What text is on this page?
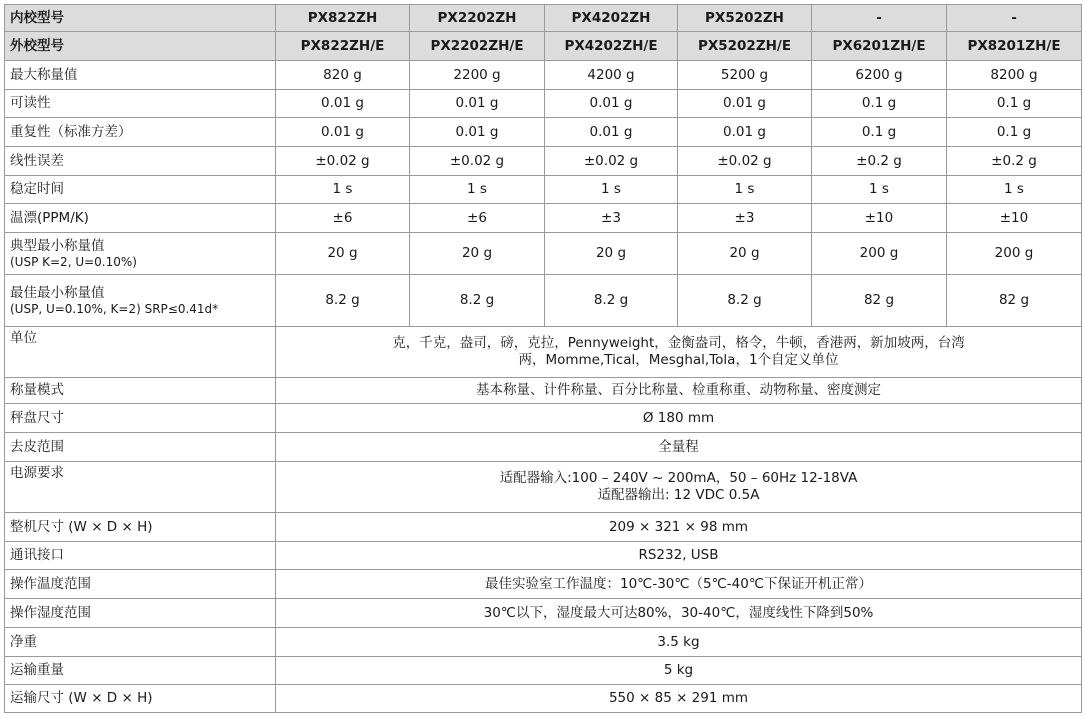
内校型号	PX822ZH	PX2202ZH	PX4202ZH	PX5202ZH	-	-
外校型号	PX822ZH/E	PX2202ZH/E	PX4202ZH/E	PX5202ZH/E	PX6201ZH/E	PX8201ZH/E
最大称量值	820 g	2200 g	4200 g	5200 g	6200 g	8200 g
可读性	0.01 g	0.01 g	0.01 g	0.01 g	0.1 g	0.1 g
重复性（标准方差）	0.01 g	0.01 g	0.01 g	0.01 g	0.1 g	0.1 g
线性误差	±0.02 g	±0.02 g	±0.02 g	±0.02 g	±0.2 g	±0.2 g
稳定时间	1 s	1 s	1 s	1 s	1 s	1 s
温漂(PPM/K)	±6	±6	±3	±3	±10	±10

典型最小称量值
(USP K=2, U=0.10%)	20 g	20 g	20 g	20 g	200 g	200 g

最佳最小称量值
(USP, U=0.10%, K=2) SRP≤0.41d*	8.2 g	8.2 g	8.2 g	8.2 g	82 g	82 g
单位	克，千克，盎司，磅，克拉，Pennyweight，金衡盎司，格令，牛顿，香港两，新加坡两，台湾
两，Momme,Tical，Mesghal,Tola，1个自定义单位					

称量模式	基本称量、计件称量、百分比称量、检重称重、动物称量、密度测定					
秤盘尺寸	Ø 180 mm					
去皮范围	全量程					
电源要求	适配器输入:100 – 240V ~ 200mA，50 – 60Hz 12-18VA
适配器输出: 12 VDC 0.5A					

整机尺寸 (W × D × H)	209 × 321 × 98 mm					
通讯接口	RS232, USB					
操作温度范围	最佳实验室工作温度：10℃-30℃（5℃-40℃下保证开机正常）					
操作湿度范围	30℃以下，湿度最大可达80%，30-40℃，湿度线性下降到50%					
净重	3.5 kg					
运输重量	5 kg					
运输尺寸 (W × D × H)	550 × 85 × 291 mm					
